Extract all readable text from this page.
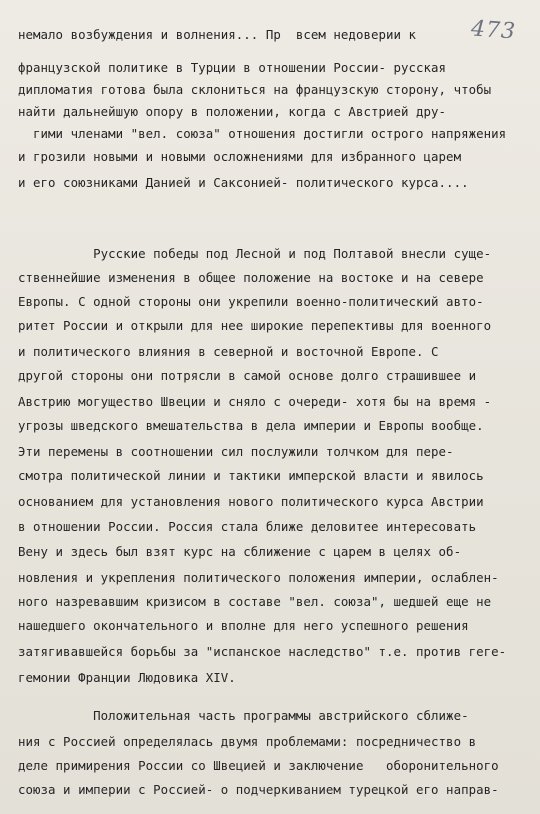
473
немало возбуждения и волнения... Пр  всем недоверии к
французской политике в Турции в отношении России- русская
дипломатия готова была склониться на французскую сторону, чтобы
найти дальнейшую опору в положении, когда с Австрией дру-
гими членами "вел. союза" отношения достигли острого напряжения
и грозили новыми и новыми осложнениями для избранного царем
и его союзниками Данией и Саксонией- политического курса....
Русские победы под Лесной и под Полтавой внесли суще-
ственнейшие изменения в общее положение на востоке и на севере
Европы. С одной стороны они укрепили военно-политический авто-
ритет России и открыли для нее широкие перепективы для военного
и политического влияния в северной и восточной Европе. С
другой стороны они потрясли в самой основе долго страшившее и
Австрию могущество Швеции и сняло с очереди- хотя бы на время -
угрозы шведского вмешательства в дела империи и Европы вообще.
Эти перемены в соотношении сил послужили толчком для пере-
смотра политической линии и тактики имперской власти и явилось
основанием для установления нового политического курса Австрии
в отношении России. Россия стала ближе деловитее интересовать
Вену и здесь был взят курс на сближение с царем в целях об-
новления и укрепления политического положения империи, ослаблен-
ного назревавшим кризисом в составе "вел. союза", шедшей еще не
нашедшего окончательного и вполне для него успешного решения
затягивавшейся борьбы за "испанское наследство" т.е. против геге-
гемонии Франции Людовика XIV.
Положительная часть программы австрийского сближе-
ния с Россией определялась двумя проблемами: посредничество в
деле примирения России со Швецией и заключение   оборонительного
союза и империи с Россией- о подчеркиванием турецкой его направ-
